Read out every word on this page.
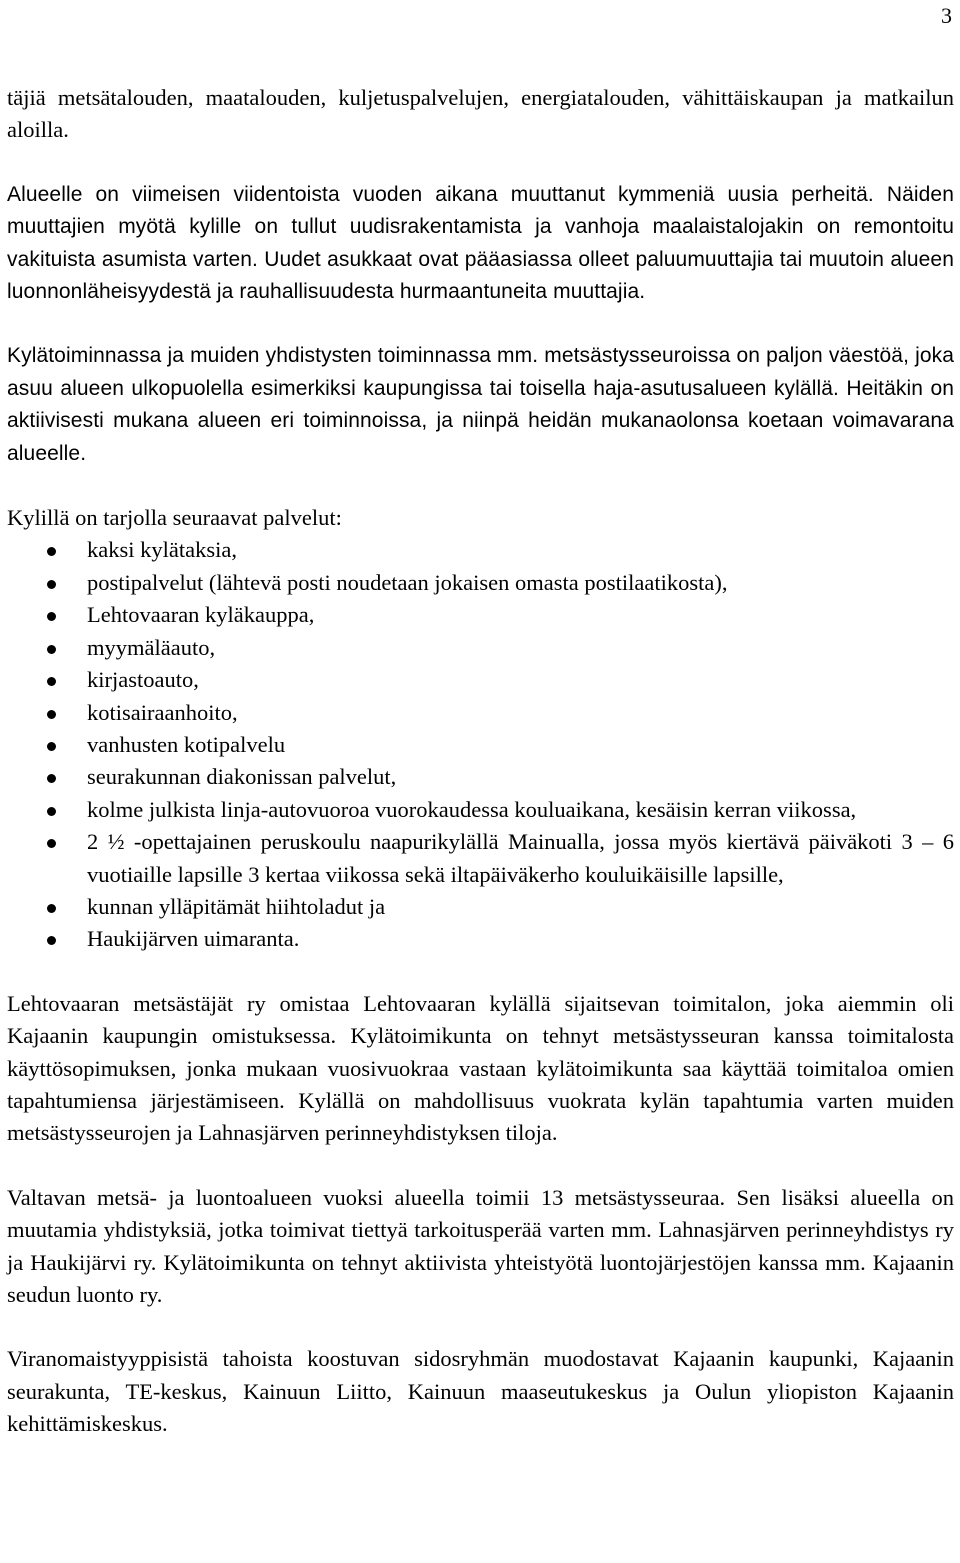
3

täjiä metsätalouden, maatalouden, kuljetuspalvelujen, energiatalouden, vähittäiskaupan ja matkailun aloilla.

Alueelle on viimeisen viidentoista vuoden aikana muuttanut kymmeniä uusia perheitä. Näiden muuttajien myötä kylille on tullut uudisrakentamista ja vanhoja maalaistalojakin on remontoitu vakituista asumista varten. Uudet asukkaat ovat pääasiassa olleet paluumuuttajia tai muutoin alueen luonnonläheisyydestä ja rauhallisuudesta hurmaantuneita muuttajia.

Kylätoiminnassa ja muiden yhdistysten toiminnassa mm. metsästysseuroissa on paljon väestöä, joka asuu alueen ulkopuolella esimerkiksi kaupungissa tai toisella haja-asutusalueen kylällä. Heitäkin on aktiivisesti mukana alueen eri toiminnoissa, ja niinpä heidän mukanaolonsa koetaan voimavarana alueelle.

Kylillä on tarjolla seuraavat palvelut:

kaksi kylätaksia,
postipalvelut (lähtevä posti noudetaan jokaisen omasta postilaatikosta),
Lehtovaaran kyläkauppa,
myymäläauto,
kirjastoauto,
kotisairaanhoito,
vanhusten kotipalvelu
seurakunnan diakonissan palvelut,
kolme julkista linja-autovuoroa vuorokaudessa kouluaikana, kesäisin kerran viikossa,
2 ½ -opettajainen peruskoulu naapurikylällä Mainualla, jossa myös kiertävä päiväkoti 3 – 6 vuotiaille lapsille 3 kertaa viikossa sekä iltapäiväkerho kouluikäisille lapsille,
kunnan ylläpitämät hiihtoladut ja
Haukijärven uimaranta.

Lehtovaaran metsästäjät ry omistaa Lehtovaaran kylällä sijaitsevan toimitalon, joka aiemmin oli Kajaanin kaupungin omistuksessa. Kylätoimikunta on tehnyt metsästysseuran kanssa toimitalosta käyttösopimuksen, jonka mukaan vuosivuokraa vastaan kylätoimikunta saa käyttää toimitaloa omien tapahtumiensa järjestämiseen. Kylällä on mahdollisuus vuokrata kylän tapahtumia varten muiden metsästysseurojen ja Lahnasjärven perinneyhdistyksen tiloja.

Valtavan metsä- ja luontoalueen vuoksi alueella toimii 13 metsästysseuraa. Sen lisäksi alueella on muutamia yhdistyksiä, jotka toimivat tiettyä tarkoitusperää varten mm. Lahnasjärven perinneyhdistys ry ja Haukijärvi ry. Kylätoimikunta on tehnyt aktiivista yhteistyötä luontojärjestöjen kanssa mm. Kajaanin seudun luonto ry.

Viranomaistyyppisistä tahoista koostuvan sidosryhmän muodostavat Kajaanin kaupunki, Kajaanin seurakunta, TE-keskus, Kainuun Liitto, Kainuun maaseutukeskus ja Oulun yliopiston Kajaanin kehittämiskeskus.
